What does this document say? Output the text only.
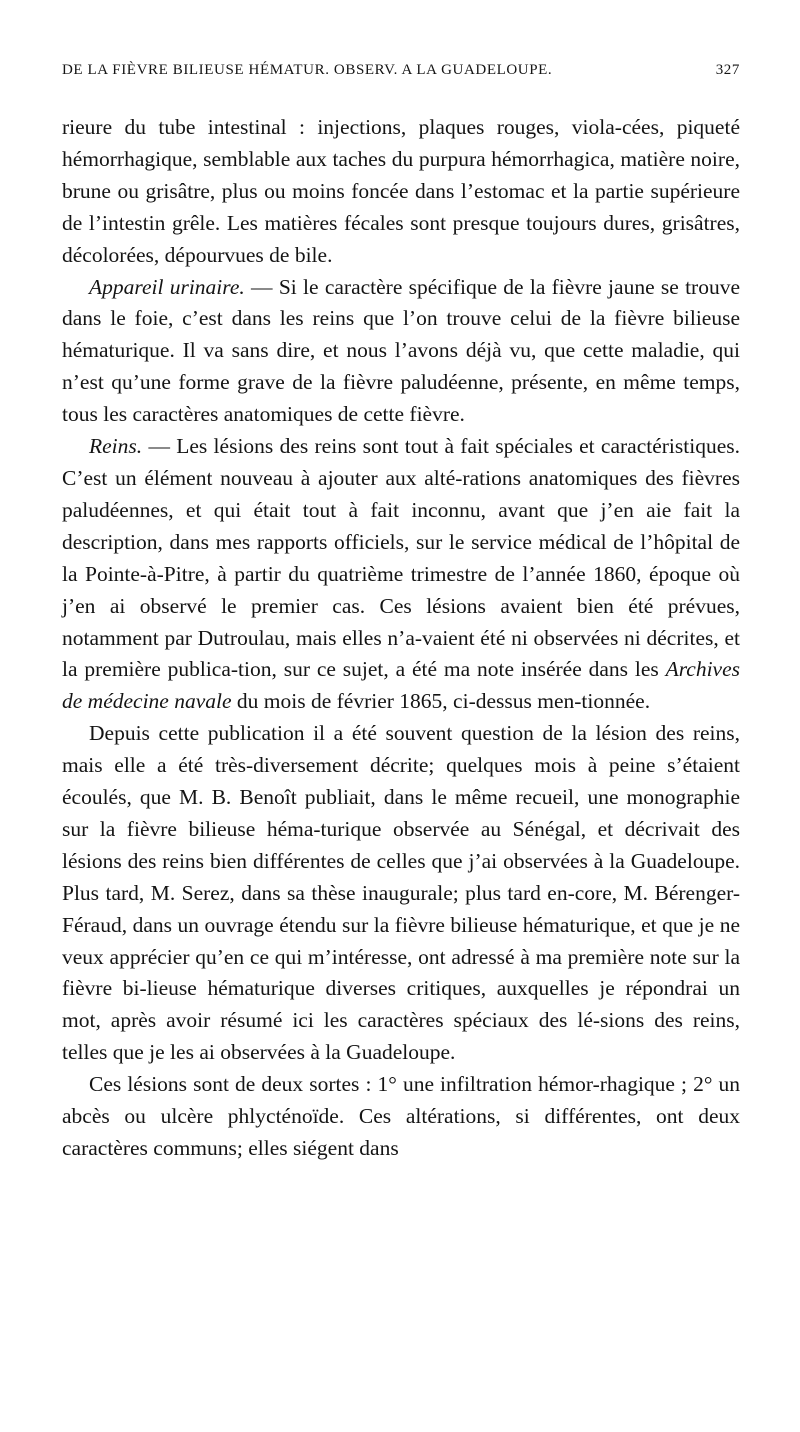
DE LA FIÈVRE BILIEUSE HÉMATUR. OBSERV. A LA GUADELOUPE.	327

rieure du tube intestinal : injections, plaques rouges, viola-cées, piqueté hémorrhagique, semblable aux taches du purpura hémorrhagica, matière noire, brune ou grisâtre, plus ou moins foncée dans l’estomac et la partie supérieure de l’intestin grêle. Les matières fécales sont presque toujours dures, grisâtres, décolorées, dépourvues de bile.

Appareil urinaire. — Si le caractère spécifique de la fièvre jaune se trouve dans le foie, c’est dans les reins que l’on trouve celui de la fièvre bilieuse hématurique. Il va sans dire, et nous l’avons déjà vu, que cette maladie, qui n’est qu’une forme grave de la fièvre paludéenne, présente, en même temps, tous les caractères anatomiques de cette fièvre.

Reins. — Les lésions des reins sont tout à fait spéciales et caractéristiques. C’est un élément nouveau à ajouter aux alté-rations anatomiques des fièvres paludéennes, et qui était tout à fait inconnu, avant que j’en aie fait la description, dans mes rapports officiels, sur le service médical de l’hôpital de la Pointe-à-Pitre, à partir du quatrième trimestre de l’année 1860, époque où j’en ai observé le premier cas. Ces lésions avaient bien été prévues, notamment par Dutroulau, mais elles n’a-vaient été ni observées ni décrites, et la première publica-tion, sur ce sujet, a été ma note insérée dans les Archives de médecine navale du mois de février 1865, ci-dessus men-tionnée.

Depuis cette publication il a été souvent question de la lésion des reins, mais elle a été très-diversement décrite; quelques mois à peine s’étaient écoulés, que M. B. Benoît publiait, dans le même recueil, une monographie sur la fièvre bilieuse héma-turique observée au Sénégal, et décrivait des lésions des reins bien différentes de celles que j’ai observées à la Guadeloupe. Plus tard, M. Serez, dans sa thèse inaugurale; plus tard en-core, M. Bérenger-Féraud, dans un ouvrage étendu sur la fièvre bilieuse hématurique, et que je ne veux apprécier qu’en ce qui m’intéresse, ont adressé à ma première note sur la fièvre bi-lieuse hématurique diverses critiques, auxquelles je répondrai un mot, après avoir résumé ici les caractères spéciaux des lé-sions des reins, telles que je les ai observées à la Guadeloupe.

Ces lésions sont de deux sortes : 1° une infiltration hémor-rhagique ; 2° un abcès ou ulcère phlycténoïde. Ces altérations, si différentes, ont deux caractères communs; elles siégent dans
